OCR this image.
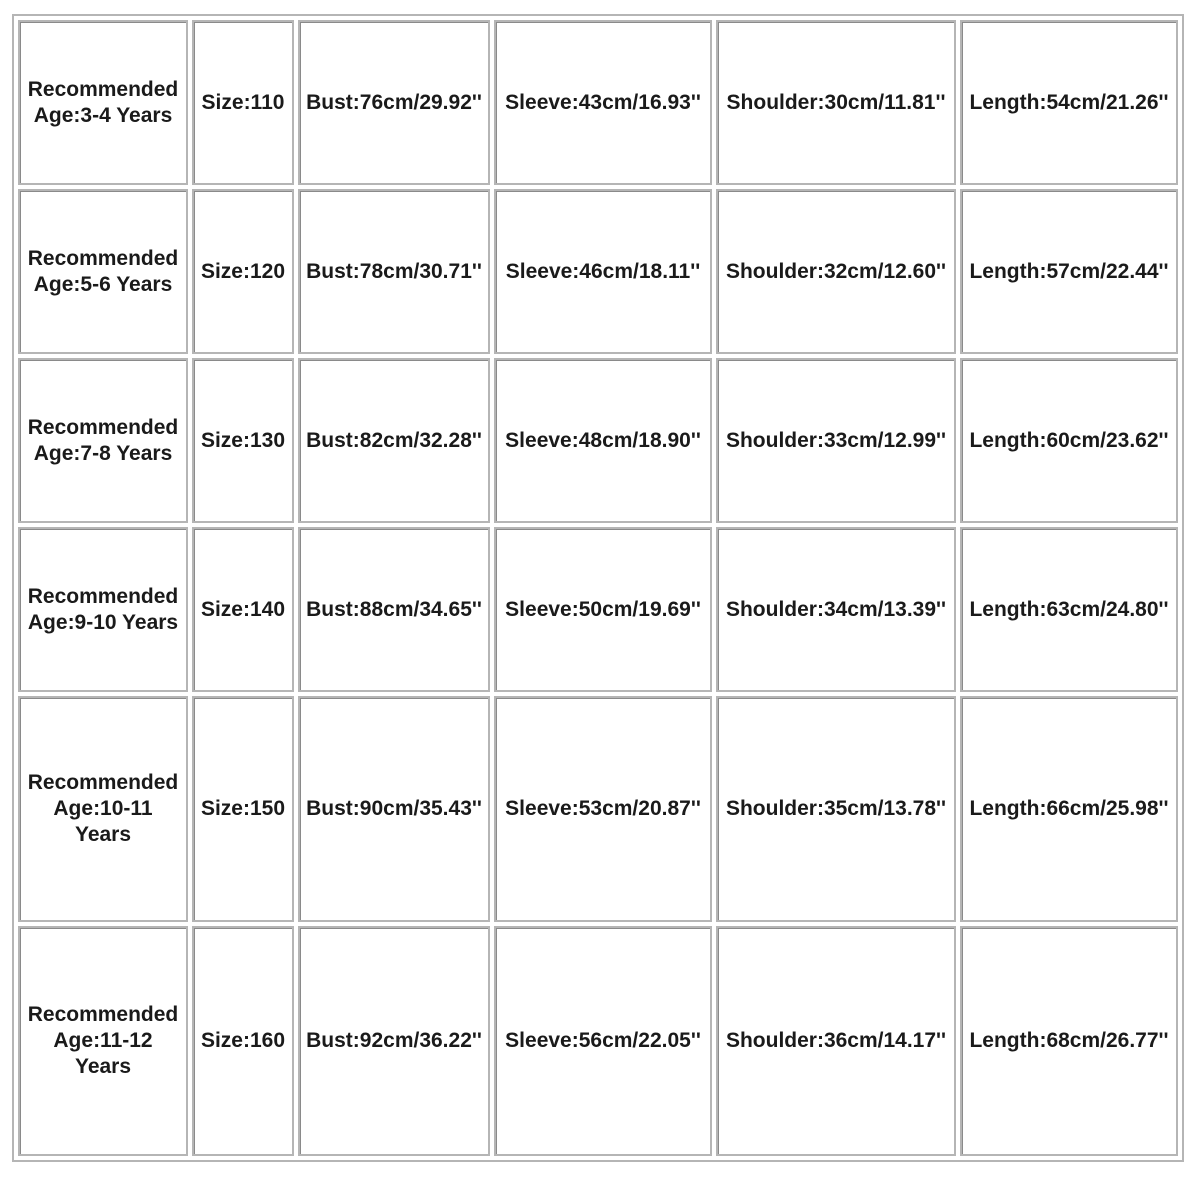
Recommended
Age:3-4 Years	Size:110	Bust:76cm/29.92''	Sleeve:43cm/16.93''	Shoulder:30cm/11.81''	Length:54cm/21.26''

Recommended
Age:5-6 Years	Size:120	Bust:78cm/30.71''	Sleeve:46cm/18.11''	Shoulder:32cm/12.60''	Length:57cm/22.44''

Recommended
Age:7-8 Years	Size:130	Bust:82cm/32.28''	Sleeve:48cm/18.90''	Shoulder:33cm/12.99''	Length:60cm/23.62''

Recommended
Age:9-10 Years	Size:140	Bust:88cm/34.65''	Sleeve:50cm/19.69''	Shoulder:34cm/13.39''	Length:63cm/24.80''

Recommended
Age:10-11
Years	Size:150	Bust:90cm/35.43''	Sleeve:53cm/20.87''	Shoulder:35cm/13.78''	Length:66cm/25.98''

Recommended
Age:11-12
Years	Size:160	Bust:92cm/36.22''	Sleeve:56cm/22.05''	Shoulder:36cm/14.17''	Length:68cm/26.77''
